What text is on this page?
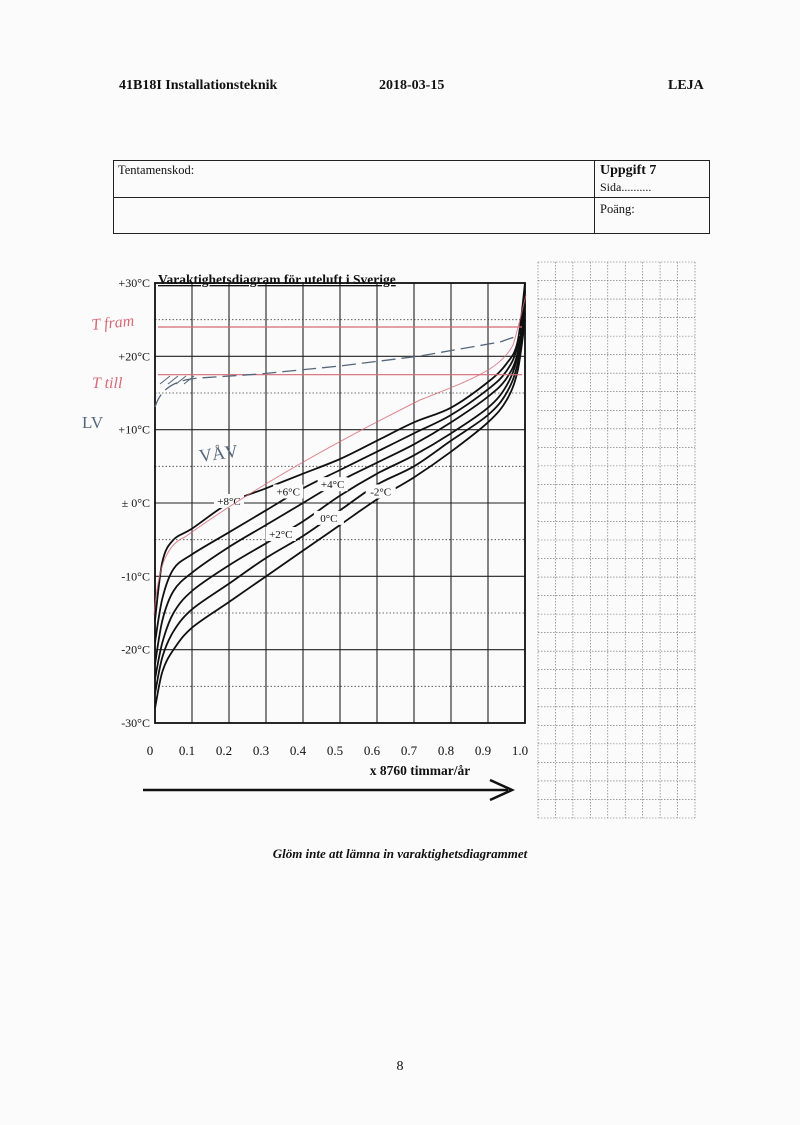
41B18I Installationsteknik	2018-03-15	LEJA
Tentamenskod:	Uppgift 7
Sida..........
Poäng:
Varaktighetsdiagram för uteluft i Sverige
+30°C
+20°C
+10°C
± 0°C
-10°C
-20°C
-30°C
0 0.1 0.2 0.3 0.4 0.5 0.6 0.7 0.8 0.9 1.0
x 8760 timmar/år
+8°C
+6°C
+4°C
-2°C
0°C
+2°C
T fram
T till
LV
VÅV
Glöm inte att lämna in varaktighetsdiagrammet
8
